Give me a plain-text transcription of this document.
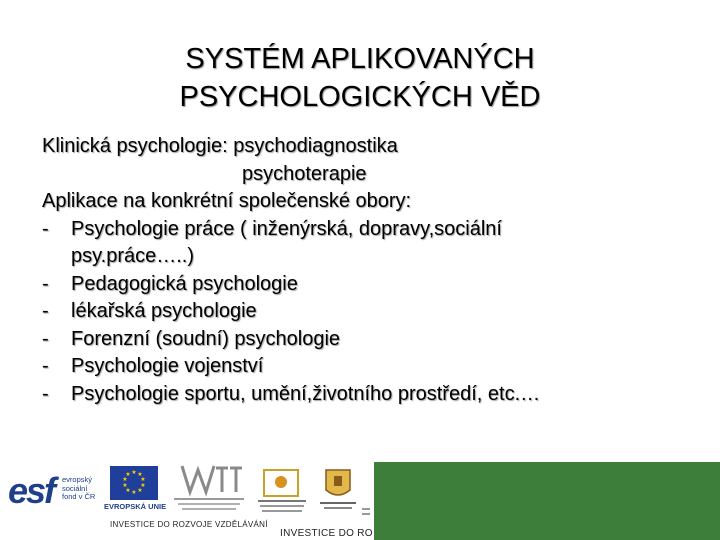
SYSTÉM APLIKOVANÝCH
PSYCHOLOGICKÝCH VĚD
Klinická psychologie: psychodiagnostika
psychoterapie
Aplikace na konkrétní společenské obory:
-	Psychologie práce ( inženýrská, dopravy,sociální
psy.práce…..)
-	Pedagogická psychologie
-	lékařská psychologie
-	Forenzní (soudní) psychologie
-	Psychologie vojenství
-	Psychologie sportu, umění,životního prostředí, etc.…
esf evropský
sociální
fond v ČR
★ ★
★
★
★
★
★
★
★
★
EVROPSKÁ UNIE
INVESTICE DO ROZVOJE VZDĚLÁVÁNÍ
INVESTICE DO RO
